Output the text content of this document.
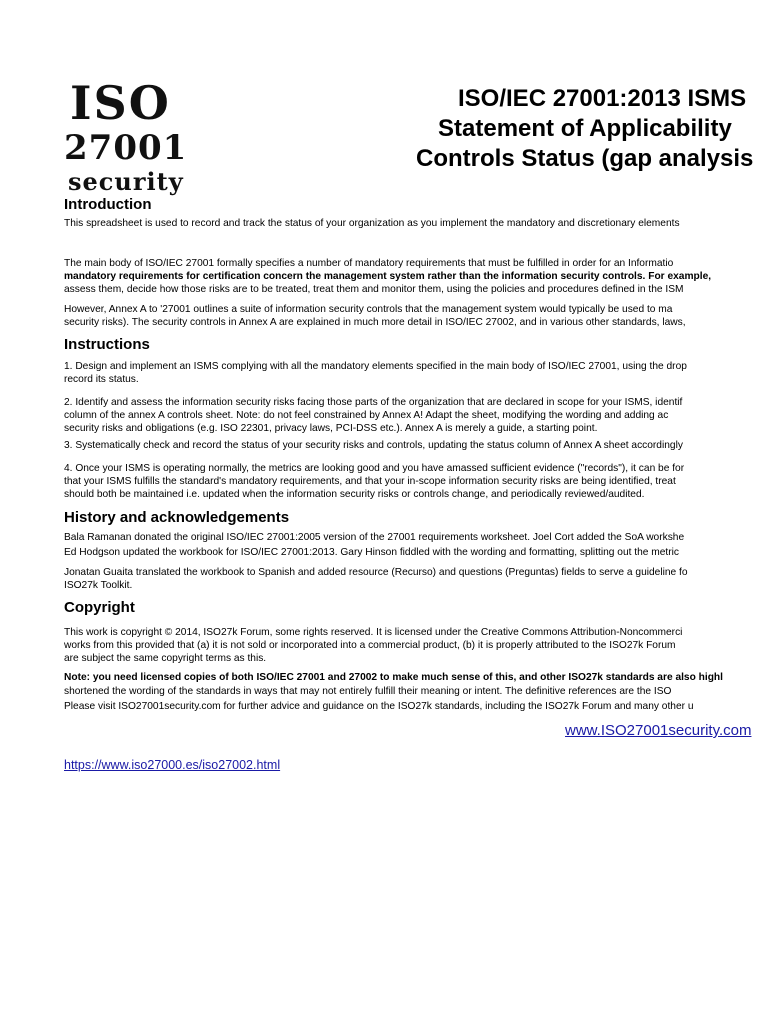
ISO
27001
security
ISO/IEC 27001:2013 ISMS
Statement of Applicability
Controls Status (gap analysis
Introduction
This spreadsheet is used to record and track the status of your organization as you implement the mandatory and discretionary elements
The main body of ISO/IEC 27001 formally specifies a number of mandatory requirements that must be fulfilled in order for an Informatio
mandatory requirements for certification concern the management system rather than the information security controls. For example,
assess them, decide how those risks are to be treated, treat them and monitor them, using the policies and procedures defined in the ISM
However, Annex A to '27001 outlines a suite of information security controls that the management system would typically be used to ma
security risks). The security controls in Annex A are explained in much more detail in ISO/IEC 27002, and in various other standards, laws,
Instructions
1. Design and implement an ISMS complying with all the mandatory elements specified in the main body of ISO/IEC 27001, using the drop
record its status.
2. Identify and assess the information security risks facing those parts of the organization that are declared in scope for your ISMS, identif
column of the annex A controls sheet. Note: do not feel constrained by Annex A! Adapt the sheet, modifying the wording and adding ac
security risks and obligations (e.g. ISO 22301, privacy laws, PCI-DSS etc.). Annex A is merely a guide, a starting point.
3. Systematically check and record the status of your security risks and controls, updating the status column of Annex A sheet accordingly
4. Once your ISMS is operating normally, the metrics are looking good and you have amassed sufficient evidence ("records"), it can be for
that your ISMS fulfills the standard's mandatory requirements, and that your in-scope information security risks are being identified, treat
should both be maintained i.e. updated when the information security risks or controls change, and periodically reviewed/audited.
History and acknowledgements
Bala Ramanan donated the original ISO/IEC 27001:2005 version of the 27001 requirements worksheet. Joel Cort added the SoA workshe
Ed Hodgson updated the workbook for ISO/IEC 27001:2013. Gary Hinson fiddled with the wording and formatting, splitting out the metric
Jonatan Guaita translated the workbook to Spanish and added resource (Recurso) and questions (Preguntas) fields to serve a guideline fo
ISO27k Toolkit.
Copyright
This work is copyright © 2014, ISO27k Forum, some rights reserved. It is licensed under the Creative Commons Attribution-Noncommerci
works from this provided that (a) it is not sold or incorporated into a commercial product, (b) it is properly attributed to the ISO27k Forum
are subject the same copyright terms as this.
Note: you need licensed copies of both ISO/IEC 27001 and 27002 to make much sense of this, and other ISO27k standards are also highl
shortened the wording of the standards in ways that may not entirely fulfill their meaning or intent. The definitive references are the ISO
Please visit ISO27001security.com for further advice and guidance on the ISO27k standards, including the ISO27k Forum and many other u
www.ISO27001security.com
https://www.iso27000.es/iso27002.html
